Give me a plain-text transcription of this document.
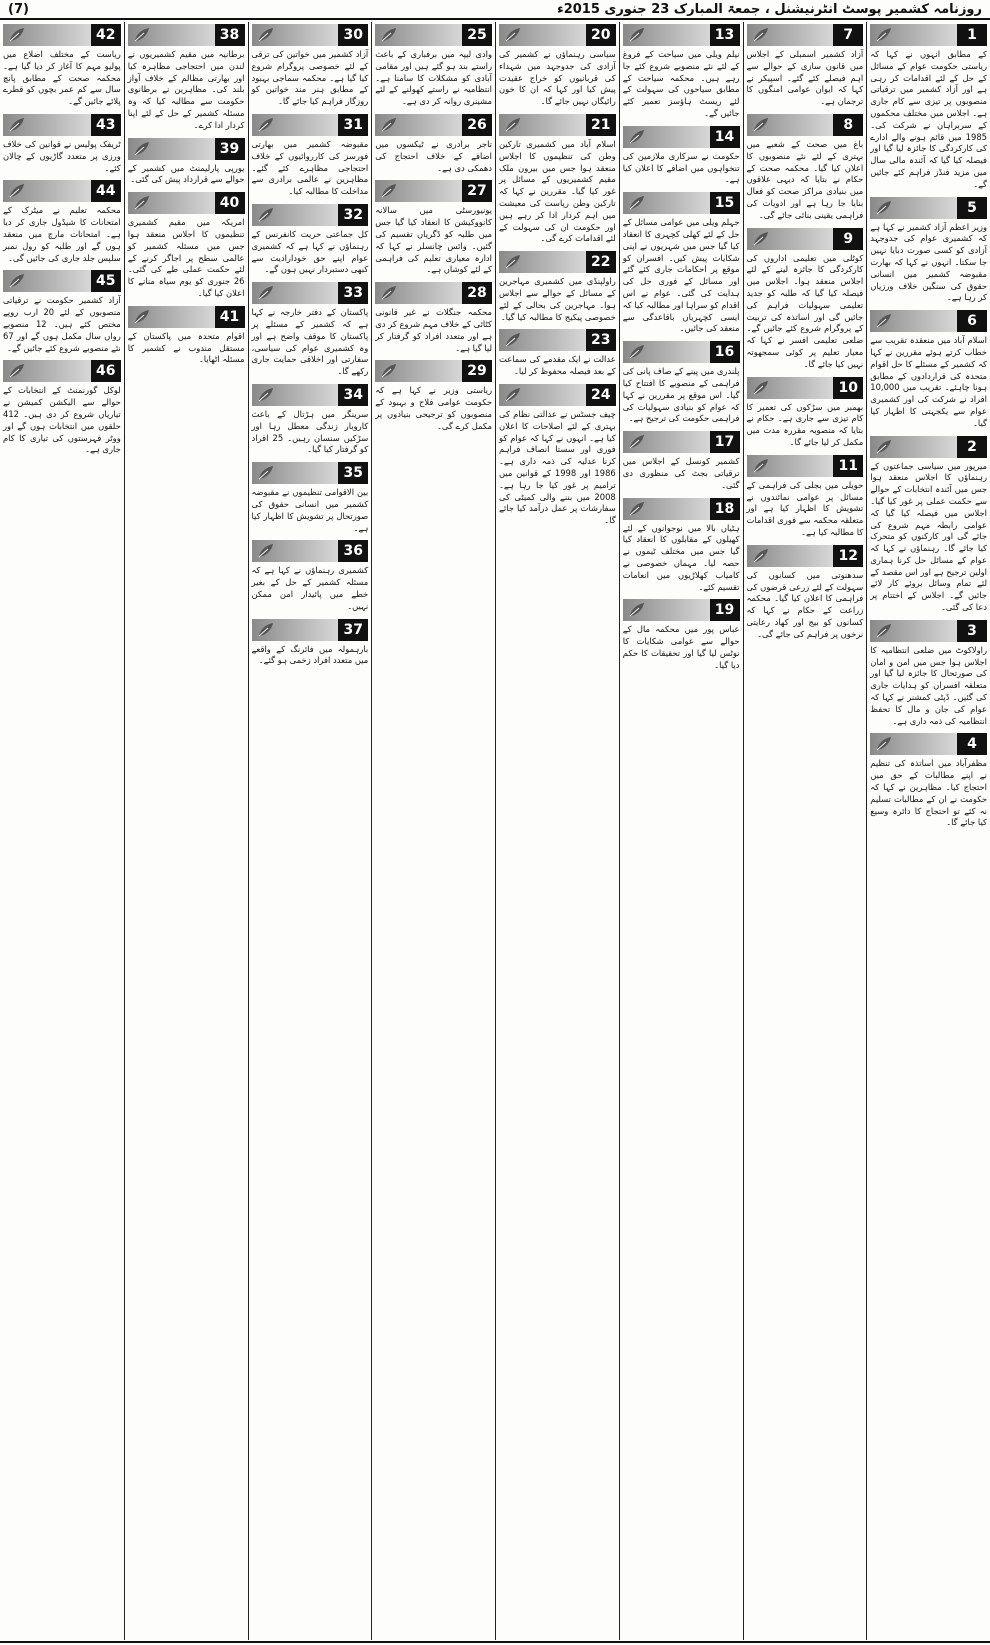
(7)	روزنامہ کشمیر پوسٹ انٹرنیشنل ، جمعۃ المبارک 23 جنوری 2015ء
1
کے مطابق انہوں نے کہا کہ ریاستی حکومت عوام کے مسائل کے حل کے لئے اقدامات کر رہی ہے اور آزاد کشمیر میں ترقیاتی منصوبوں پر تیزی سے کام جاری ہے۔ اجلاس میں مختلف محکموں کے سربراہان نے شرکت کی۔ 1985 میں قائم ہونے والے ادارے کی کارکردگی کا جائزہ لیا گیا اور فیصلہ کیا گیا کہ آئندہ مالی سال میں مزید فنڈز فراہم کئے جائیں گے۔
5
وزیر اعظم آزاد کشمیر نے کہا ہے کہ کشمیری عوام کی جدوجہد آزادی کو کسی صورت دبایا نہیں جا سکتا۔ انہوں نے کہا کہ بھارت مقبوضہ کشمیر میں انسانی حقوق کی سنگین خلاف ورزیاں کر رہا ہے۔
6
اسلام آباد میں منعقدہ تقریب سے خطاب کرتے ہوئے مقررین نے کہا کہ کشمیر کے مسئلے کا حل اقوام متحدہ کی قراردادوں کے مطابق ہونا چاہئے۔ تقریب میں 10,000 افراد نے شرکت کی اور کشمیری عوام سے یکجہتی کا اظہار کیا گیا۔
2
میرپور میں سیاسی جماعتوں کے رہنماؤں کا اجلاس منعقد ہوا جس میں آئندہ انتخابات کے حوالے سے حکمت عملی پر غور کیا گیا۔ اجلاس میں فیصلہ کیا گیا کہ عوامی رابطہ مہم شروع کی جائے گی اور کارکنوں کو متحرک کیا جائے گا۔ رہنماؤں نے کہا کہ عوام کے مسائل حل کرنا ہماری اولین ترجیح ہے اور اس مقصد کے لئے تمام وسائل بروئے کار لائے جائیں گے۔ اجلاس کے اختتام پر دعا کی گئی۔
3
راولاکوٹ میں ضلعی انتظامیہ کا اجلاس ہوا جس میں امن و امان کی صورتحال کا جائزہ لیا گیا اور متعلقہ افسران کو ہدایات جاری کی گئیں۔ ڈپٹی کمشنر نے کہا کہ عوام کی جان و مال کا تحفظ انتظامیہ کی ذمہ داری ہے۔
4
مظفرآباد میں اساتذہ کی تنظیم نے اپنے مطالبات کے حق میں احتجاج کیا۔ مظاہرین نے کہا کہ حکومت نے ان کے مطالبات تسلیم نہ کئے تو احتجاج کا دائرہ وسیع کیا جائے گا۔
7
آزاد کشمیر اسمبلی کے اجلاس میں قانون سازی کے حوالے سے اہم فیصلے کئے گئے۔ اسپیکر نے کہا کہ ایوان عوامی امنگوں کا ترجمان ہے۔
8
باغ میں صحت کے شعبے میں بہتری کے لئے نئے منصوبوں کا اعلان کیا گیا۔ محکمہ صحت کے حکام نے بتایا کہ دیہی علاقوں میں بنیادی مراکز صحت کو فعال بنایا جا رہا ہے اور ادویات کی فراہمی یقینی بنائی جائے گی۔
9
کوٹلی میں تعلیمی اداروں کی کارکردگی کا جائزہ لینے کے لئے اجلاس منعقد ہوا۔ اجلاس میں فیصلہ کیا گیا کہ طلبہ کو جدید تعلیمی سہولیات فراہم کی جائیں گی اور اساتذہ کی تربیت کے پروگرام شروع کئے جائیں گے۔ ضلعی تعلیمی افسر نے کہا کہ معیار تعلیم پر کوئی سمجھوتہ نہیں کیا جائے گا۔
10
بھمبر میں سڑکوں کی تعمیر کا کام تیزی سے جاری ہے۔ حکام نے بتایا کہ منصوبہ مقررہ مدت میں مکمل کر لیا جائے گا۔
11
حویلی میں بجلی کی فراہمی کے مسائل پر عوامی نمائندوں نے تشویش کا اظہار کیا ہے اور متعلقہ محکمہ سے فوری اقدامات کا مطالبہ کیا ہے۔
12
سدھنوتی میں کسانوں کی سہولت کے لئے زرعی قرضوں کی فراہمی کا اعلان کیا گیا۔ محکمہ زراعت کے حکام نے کہا کہ کسانوں کو بیج اور کھاد رعایتی نرخوں پر فراہم کی جائے گی۔
13
نیلم ویلی میں سیاحت کے فروغ کے لئے نئے منصوبے شروع کئے جا رہے ہیں۔ محکمہ سیاحت کے مطابق سیاحوں کی سہولت کے لئے ریسٹ ہاؤسز تعمیر کئے جائیں گے۔
14
حکومت نے سرکاری ملازمین کی تنخواہوں میں اضافے کا اعلان کیا ہے۔
15
جہلم ویلی میں عوامی مسائل کے حل کے لئے کھلی کچہری کا انعقاد کیا گیا جس میں شہریوں نے اپنی شکایات پیش کیں۔ افسران کو موقع پر احکامات جاری کئے گئے اور مسائل کے فوری حل کی ہدایت کی گئی۔ عوام نے اس اقدام کو سراہا اور مطالبہ کیا کہ ایسی کچہریاں باقاعدگی سے منعقد کی جائیں۔
16
پلندری میں پینے کے صاف پانی کی فراہمی کے منصوبے کا افتتاح کیا گیا۔ اس موقع پر مقررین نے کہا کہ عوام کو بنیادی سہولیات کی فراہمی حکومت کی ترجیح ہے۔
17
کشمیر کونسل کے اجلاس میں ترقیاتی بجٹ کی منظوری دی گئی۔
18
ہٹیاں بالا میں نوجوانوں کے لئے کھیلوں کے مقابلوں کا انعقاد کیا گیا جس میں مختلف ٹیموں نے حصہ لیا۔ مہمان خصوصی نے کامیاب کھلاڑیوں میں انعامات تقسیم کئے۔
19
عباس پور میں محکمہ مال کے حوالے سے عوامی شکایات کا نوٹس لیا گیا اور تحقیقات کا حکم دیا گیا۔
20
سیاسی رہنماؤں نے کشمیر کی آزادی کی جدوجہد میں شہداء کی قربانیوں کو خراج عقیدت پیش کیا اور کہا کہ ان کا خون رائیگاں نہیں جائے گا۔
21
اسلام آباد میں کشمیری تارکین وطن کی تنظیموں کا اجلاس منعقد ہوا جس میں بیرون ملک مقیم کشمیریوں کے مسائل پر غور کیا گیا۔ مقررین نے کہا کہ تارکین وطن ریاست کی معیشت میں اہم کردار ادا کر رہے ہیں اور حکومت ان کی سہولت کے لئے اقدامات کرے گی۔
22
راولپنڈی میں کشمیری مہاجرین کے مسائل کے حوالے سے اجلاس ہوا۔ مہاجرین کی بحالی کے لئے خصوصی پیکیج کا مطالبہ کیا گیا۔
23
عدالت نے ایک مقدمے کی سماعت کے بعد فیصلہ محفوظ کر لیا۔
24
چیف جسٹس نے عدالتی نظام کی بہتری کے لئے اصلاحات کا اعلان کیا ہے۔ انہوں نے کہا کہ عوام کو فوری اور سستا انصاف فراہم کرنا عدلیہ کی ذمہ داری ہے۔ 1986 اور 1998 کے قوانین میں ترامیم پر غور کیا جا رہا ہے۔ 2008 میں بننے والی کمیٹی کی سفارشات پر عمل درآمد کیا جائے گا۔
25
وادی لیپہ میں برفباری کے باعث راستے بند ہو گئے ہیں اور مقامی آبادی کو مشکلات کا سامنا ہے۔ انتظامیہ نے راستے کھولنے کے لئے مشینری روانہ کر دی ہے۔
26
تاجر برادری نے ٹیکسوں میں اضافے کے خلاف احتجاج کی دھمکی دی ہے۔
27
یونیورسٹی میں سالانہ کانووکیشن کا انعقاد کیا گیا جس میں طلبہ کو ڈگریاں تقسیم کی گئیں۔ وائس چانسلر نے کہا کہ ادارہ معیاری تعلیم کی فراہمی کے لئے کوشاں ہے۔
28
محکمہ جنگلات نے غیر قانونی کٹائی کے خلاف مہم شروع کر دی ہے اور متعدد افراد کو گرفتار کر لیا گیا ہے۔
29
ریاستی وزیر نے کہا ہے کہ حکومت عوامی فلاح و بہبود کے منصوبوں کو ترجیحی بنیادوں پر مکمل کرے گی۔
30
آزاد کشمیر میں خواتین کی ترقی کے لئے خصوصی پروگرام شروع کیا گیا ہے۔ محکمہ سماجی بہبود کے مطابق ہنر مند خواتین کو روزگار فراہم کیا جائے گا۔
31
مقبوضہ کشمیر میں بھارتی فورسز کی کارروائیوں کے خلاف احتجاجی مظاہرے کئے گئے۔ مظاہرین نے عالمی برادری سے مداخلت کا مطالبہ کیا۔
32
کل جماعتی حریت کانفرنس کے رہنماؤں نے کہا ہے کہ کشمیری عوام اپنے حق خودارادیت سے کبھی دستبردار نہیں ہوں گے۔
33
پاکستان کے دفتر خارجہ نے کہا ہے کہ کشمیر کے مسئلے پر پاکستان کا موقف واضح ہے اور وہ کشمیری عوام کی سیاسی، سفارتی اور اخلاقی حمایت جاری رکھے گا۔
34
سرینگر میں ہڑتال کے باعث کاروبار زندگی معطل رہا اور سڑکیں سنسان رہیں۔ 25 افراد کو گرفتار کیا گیا۔
35
بین الاقوامی تنظیموں نے مقبوضہ کشمیر میں انسانی حقوق کی صورتحال پر تشویش کا اظہار کیا ہے۔
36
کشمیری رہنماؤں نے کہا ہے کہ مسئلہ کشمیر کے حل کے بغیر خطے میں پائیدار امن ممکن نہیں۔
37
بارہمولہ میں فائرنگ کے واقعے میں متعدد افراد زخمی ہو گئے۔
38
برطانیہ میں مقیم کشمیریوں نے لندن میں احتجاجی مظاہرہ کیا اور بھارتی مظالم کے خلاف آواز بلند کی۔ مظاہرین نے برطانوی حکومت سے مطالبہ کیا کہ وہ مسئلہ کشمیر کے حل کے لئے اپنا کردار ادا کرے۔
39
یورپی پارلیمنٹ میں کشمیر کے حوالے سے قرارداد پیش کی گئی۔
40
امریکہ میں مقیم کشمیری تنظیموں کا اجلاس منعقد ہوا جس میں مسئلہ کشمیر کو عالمی سطح پر اجاگر کرنے کے لئے حکمت عملی طے کی گئی۔ 26 جنوری کو یوم سیاہ منانے کا اعلان کیا گیا۔
41
اقوام متحدہ میں پاکستان کے مستقل مندوب نے کشمیر کا مسئلہ اٹھایا۔
42
ریاست کے مختلف اضلاع میں پولیو مہم کا آغاز کر دیا گیا ہے۔ محکمہ صحت کے مطابق پانچ سال سے کم عمر بچوں کو قطرے پلائے جائیں گے۔
43
ٹریفک پولیس نے قوانین کی خلاف ورزی پر متعدد گاڑیوں کے چالان کئے۔
44
محکمہ تعلیم نے میٹرک کے امتحانات کا شیڈول جاری کر دیا ہے۔ امتحانات مارچ میں منعقد ہوں گے اور طلبہ کو رول نمبر سلپس جلد جاری کی جائیں گی۔
45
آزاد کشمیر حکومت نے ترقیاتی منصوبوں کے لئے 20 ارب روپے مختص کئے ہیں۔ 12 منصوبے رواں سال مکمل ہوں گے اور 67 نئے منصوبے شروع کئے جائیں گے۔
46
لوکل گورنمنٹ کے انتخابات کے حوالے سے الیکشن کمیشن نے تیاریاں شروع کر دی ہیں۔ 412 حلقوں میں انتخابات ہوں گے اور ووٹر فہرستوں کی تیاری کا کام جاری ہے۔
